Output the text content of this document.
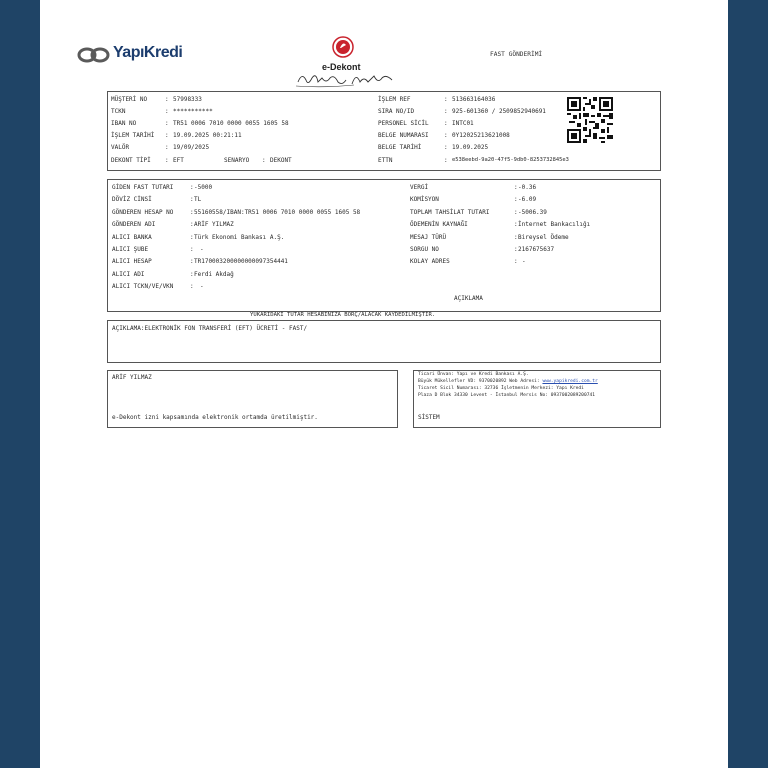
YapıKredi
e-Dekont
FAST GÖNDERİMİ
MÜŞTERİ NO	: 57998333
TCKN	: ***********
IBAN NO	: TR51 0006 7010 0000 0055 1605 58
İŞLEM TARİHİ : 19.09.2025 00:21:11
VALÖR	: 19/09/2025
DEKONT TİPİ : EFT	SENARYO : DEKONT
İŞLEM REF	: 513663164036
SIRA NO/ID	: 925-601360 / 2509852940691
PERSONEL SİCİL	: INTC01
BELGE NUMARASI	: 0Y12025213621008
BELGE TARİHİ	: 19.09.2025
ETTN	: e538eebd-9a20-47f5-9db0-8253732845e3
GİDEN FAST TUTARI	: -5000
DÖVİZ CİNSİ	: TL
GÖNDEREN HESAP NO	: 55160558/IBAN:TR51 0006 7010 0000 0055 1605 58
GÖNDEREN ADI	: ARİF YILMAZ
ALICI BANKA	: Türk Ekonomi Bankası A.Ş.
ALICI ŞUBE	: -
ALICI HESAP	: TR170003200000000097354441
ALICI ADI	: Ferdi Akdağ
ALICI TCKN/VE/VKN	: -
VERGİ	: -0.36
KOMİSYON	: -6.09
TOPLAM TAHSİLAT TUTARI	: -5006.39
ÖDEMENİN KAYNAĞI	: İnternet Bankacılığı
MESAJ TÜRÜ	: Bireysel Ödeme
SORGU NO	: 2167675637
KOLAY ADRES	: -
AÇIKLAMA
YUKARIDAKİ TUTAR HESABINIZA BORÇ/ALACAK KAYDEDİLMİŞTİR.
AÇIKLAMA:ELEKTRONİK FON TRANSFERİ (EFT) ÜCRETİ - FAST/
ARİF YILMAZ
e-Dekont izni kapsamında elektronik ortamda üretilmiştir.
Ticari Ünvan: Yapı ve Kredi Bankası A.Ş.
Büyük Mükellefler VD: 9370020892 Web Adresi: www.yapikredi.com.tr
Ticaret Sicil Numarası: 32736 İşletmenin Merkezi: Yapı Kredi
Plaza D Blok 34330 Levent - İstanbul Mersis No: 0937002089200741
SİSTEM
